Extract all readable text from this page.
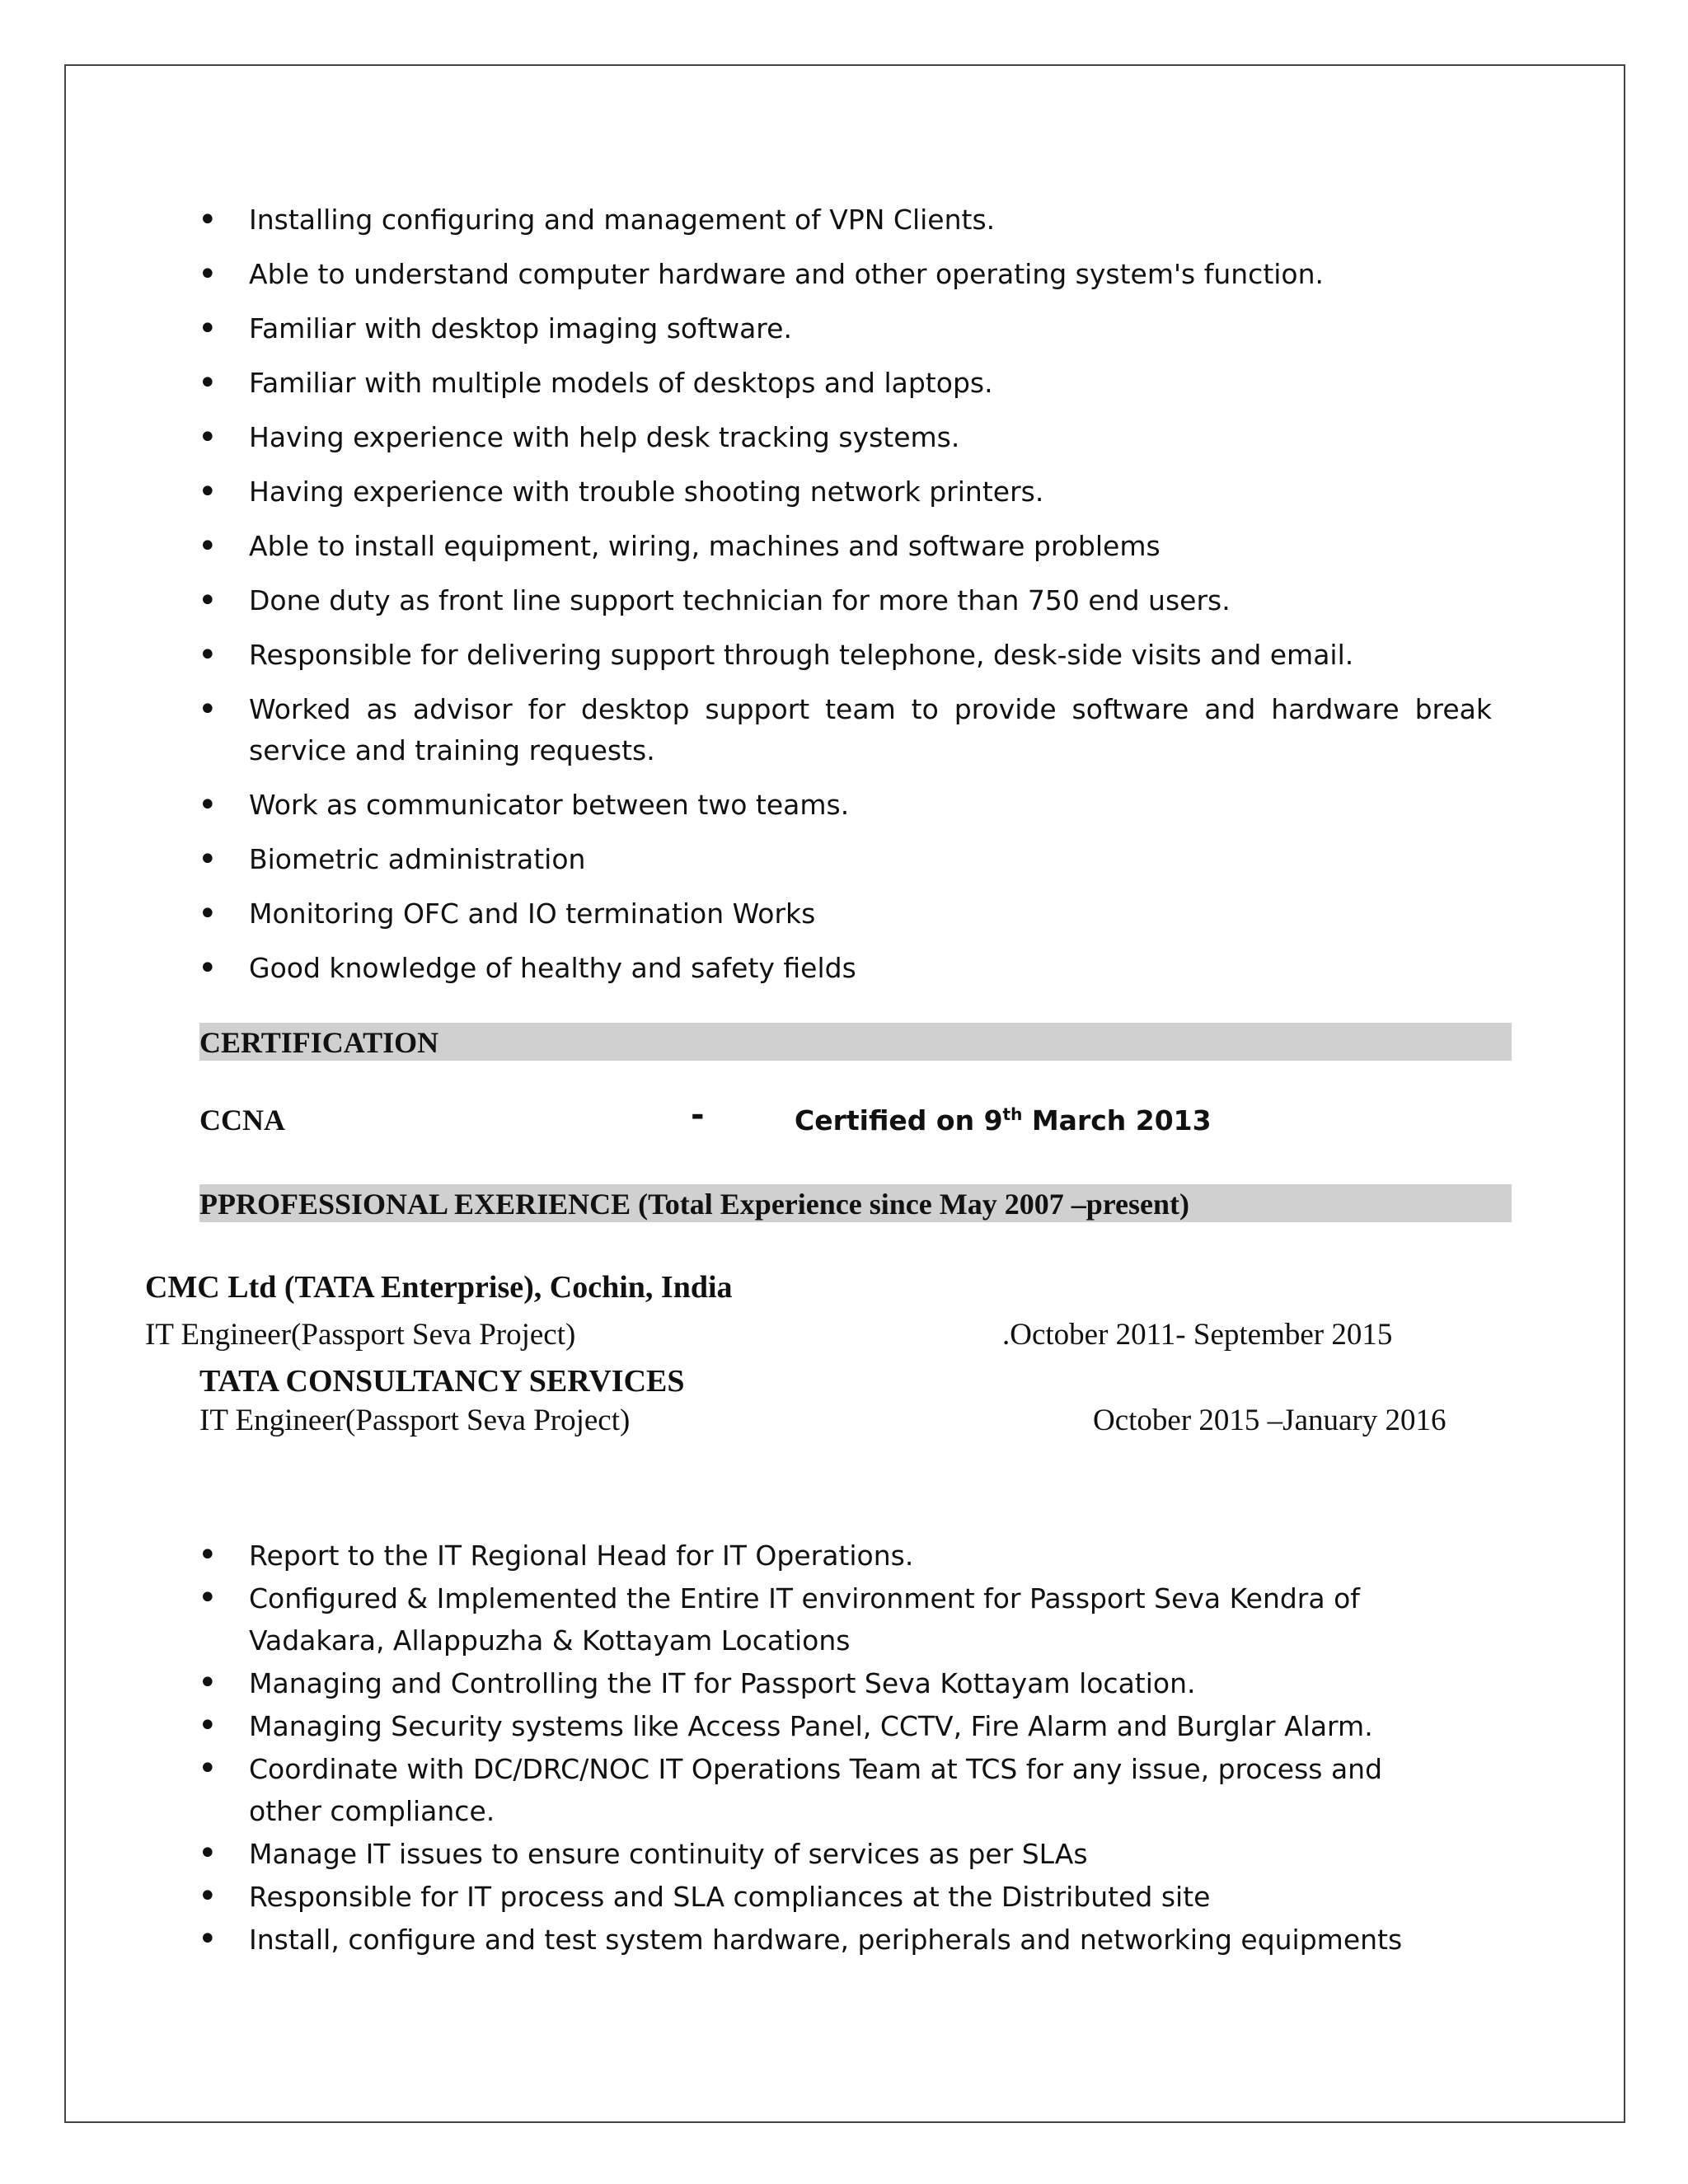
• Installing configuring and management of VPN Clients.
• Able to understand computer hardware and other operating system's function.
• Familiar with desktop imaging software.
• Familiar with multiple models of desktops and laptops.
• Having experience with help desk tracking systems.
• Having experience with trouble shooting network printers.
• Able to install equipment, wiring, machines and software problems
• Done duty as front line support technician for more than 750 end users.
• Responsible for delivering support through telephone, desk-side visits and email.
• Worked as advisor for desktop support team to provide software and hardware break service and training requests.
• Work as communicator between two teams.
• Biometric administration
• Monitoring OFC and IO termination Works
• Good knowledge of healthy and safety fields
CERTIFICATION
CCNA	-	Certified on 9th March 2013
PPROFESSIONAL EXERIENCE (Total Experience since May 2007 –present)
CMC Ltd (TATA Enterprise), Cochin, India
IT Engineer(Passport Seva Project)	.October 2011- September 2015
TATA CONSULTANCY SERVICES
IT Engineer(Passport Seva Project)	October 2015 –January 2016
• Report to the IT Regional Head for IT Operations.
• Configured & Implemented the Entire IT environment for Passport Seva Kendra of Vadakara, Allappuzha & Kottayam Locations
• Managing and Controlling the IT for Passport Seva Kottayam location.
• Managing Security systems like Access Panel, CCTV, Fire Alarm and Burglar Alarm.
• Coordinate with DC/DRC/NOC IT Operations Team at TCS for any issue, process and other compliance.
• Manage IT issues to ensure continuity of services as per SLAs
• Responsible for IT process and SLA compliances at the Distributed site
• Install, configure and test system hardware, peripherals and networking equipments
